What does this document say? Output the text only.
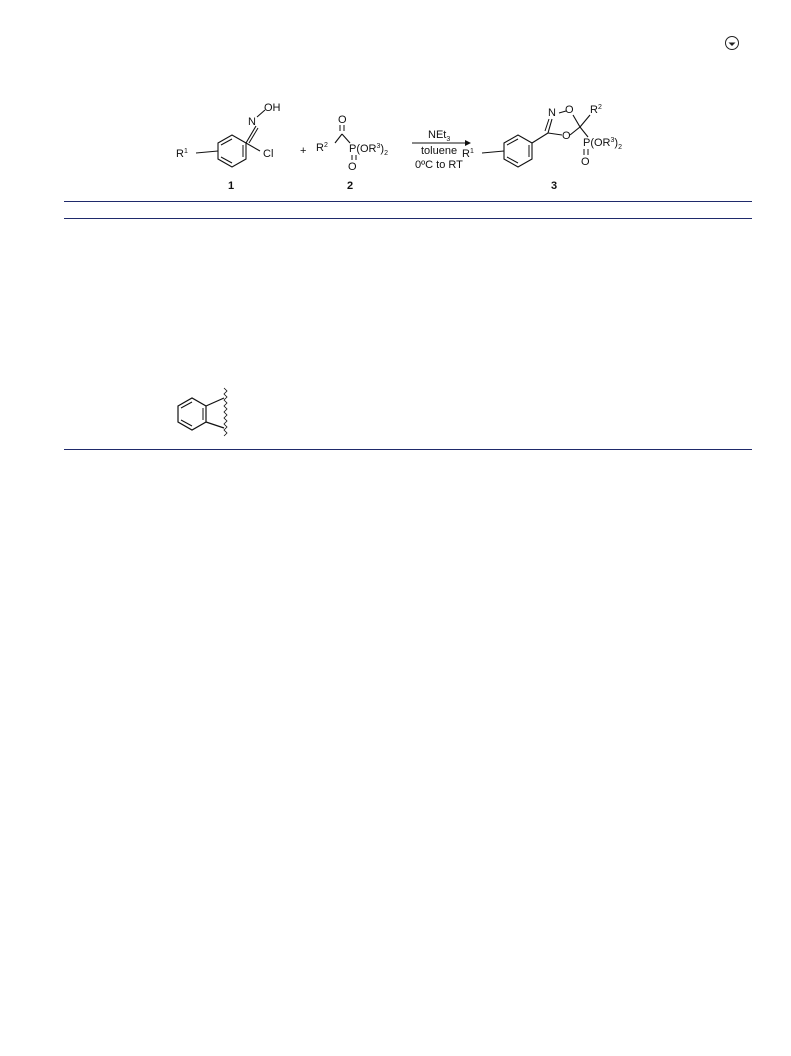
$R^1$
N
OH
Cl
1
+
O
$R^2$ $P(OR^3)_2$
O
2
NEt$_3$
toluene
0ºC to RT
N O
O
$R^2$
$R^1$
$P(OR^3)_2$
O
3
